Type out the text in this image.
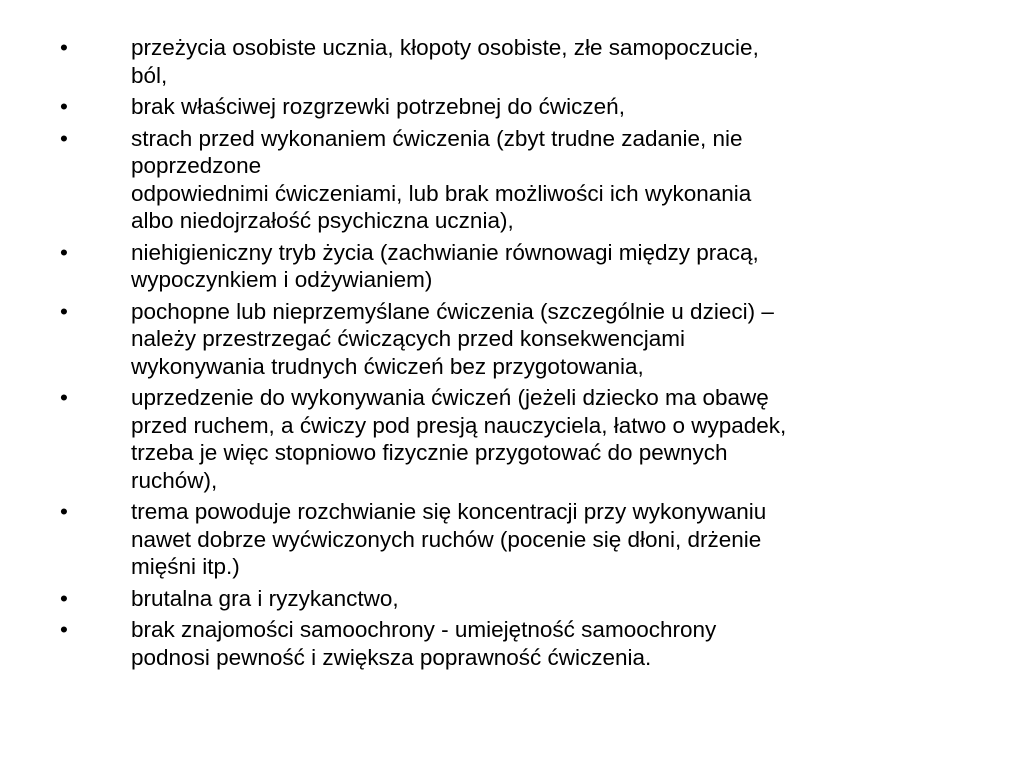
•	przeżycia osobiste ucznia, kłopoty osobiste, złe samopoczucie,
ból,
•	brak właściwej rozgrzewki potrzebnej do ćwiczeń,
•	strach przed wykonaniem ćwiczenia (zbyt trudne zadanie, nie
poprzedzone
odpowiednimi ćwiczeniami, lub brak możliwości ich wykonania
albo niedojrzałość psychiczna ucznia),
•	niehigieniczny tryb życia (zachwianie równowagi między pracą,
wypoczynkiem i odżywianiem)
•	pochopne lub nieprzemyślane ćwiczenia (szczególnie u dzieci) –
należy przestrzegać ćwiczących przed konsekwencjami
wykonywania trudnych ćwiczeń bez przygotowania,
•	uprzedzenie do wykonywania ćwiczeń (jeżeli dziecko ma obawę
przed ruchem, a ćwiczy pod presją nauczyciela, łatwo o wypadek,
trzeba je więc stopniowo fizycznie przygotować do pewnych
ruchów),
•	trema powoduje rozchwianie się koncentracji przy wykonywaniu
nawet dobrze wyćwiczonych ruchów (pocenie się dłoni, drżenie
mięśni itp.)
•	brutalna gra i ryzykanctwo,
•	brak znajomości samoochrony - umiejętność samoochrony
podnosi pewność i zwiększa poprawność ćwiczenia.
